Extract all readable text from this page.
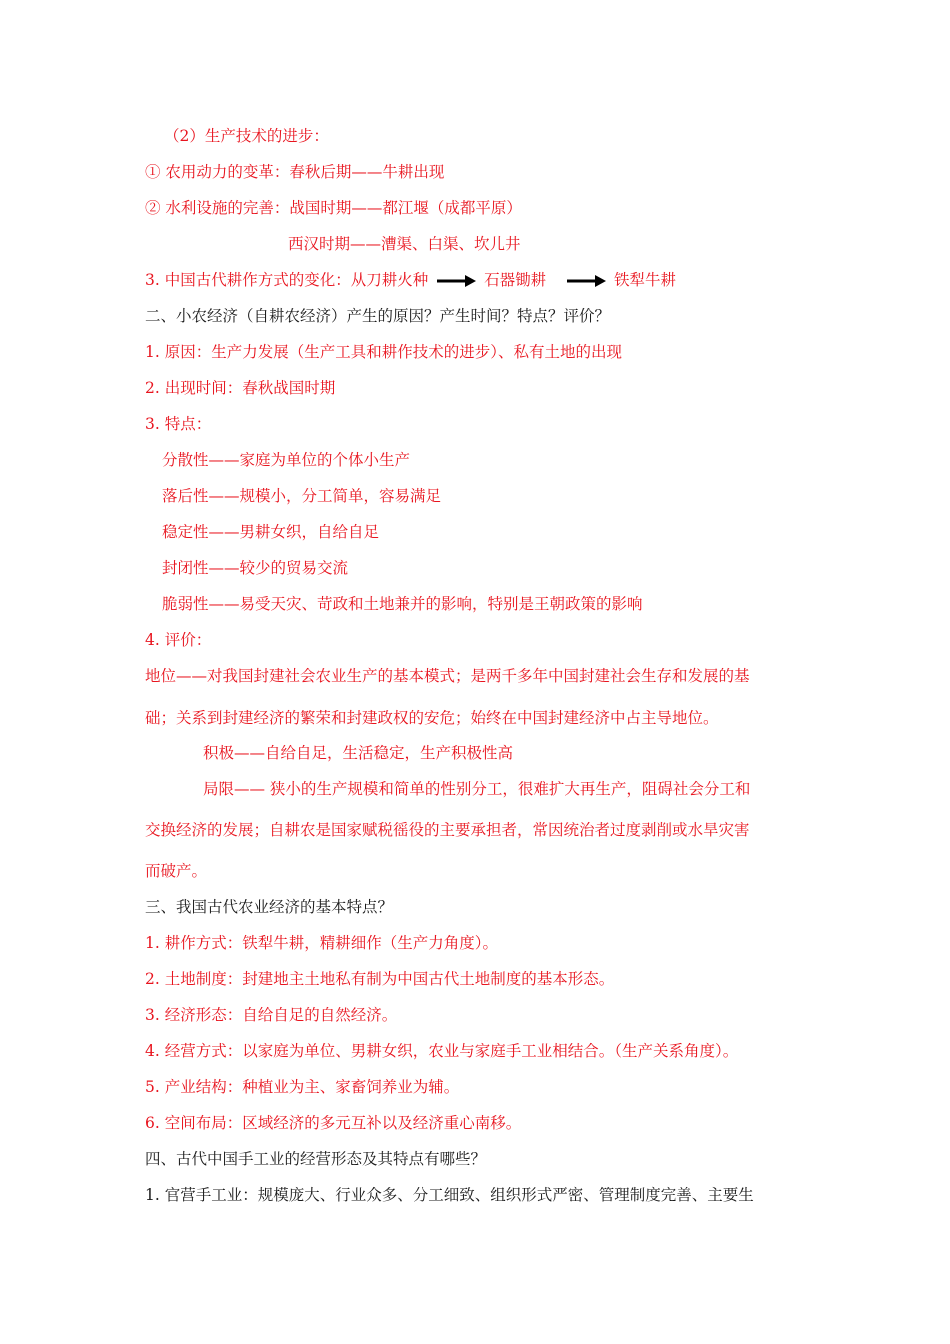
（2）生产技术的进步：
① 农用动力的变革：春秋后期——牛耕出现
② 水利设施的完善：战国时期——都江堰（成都平原）
西汉时期——漕渠、白渠、坎儿井
3. 中国古代耕作方式的变化：从刀耕火种	石器锄耕	铁犁牛耕
二、小农经济（自耕农经济）产生的原因？产生时间？特点？评价？
1. 原因：生产力发展（生产工具和耕作技术的进步）、私有土地的出现
2. 出现时间：春秋战国时期
3. 特点：
分散性——家庭为单位的个体小生产
落后性——规模小，分工简单，容易满足
稳定性——男耕女织，自给自足
封闭性——较少的贸易交流
脆弱性——易受天灾、苛政和土地兼并的影响，特别是王朝政策的影响
4. 评价：
地位——对我国封建社会农业生产的基本模式；是两千多年中国封建社会生存和发展的基
础；关系到封建经济的繁荣和封建政权的安危；始终在中国封建经济中占主导地位。
积极——自给自足，生活稳定，生产积极性高
局限—— 狭小的生产规模和简单的性别分工，很难扩大再生产，阻碍社会分工和
交换经济的发展；自耕农是国家赋税徭役的主要承担者，常因统治者过度剥削或水旱灾害
而破产。
三、我国古代农业经济的基本特点？
1. 耕作方式：铁犁牛耕，精耕细作（生产力角度）。
2. 土地制度：封建地主土地私有制为中国古代土地制度的基本形态。
3. 经济形态：自给自足的自然经济。
4. 经营方式：以家庭为单位、男耕女织，农业与家庭手工业相结合。（生产关系角度）。
5. 产业结构：种植业为主、家畜饲养业为辅。
6. 空间布局：区域经济的多元互补以及经济重心南移。
四、古代中国手工业的经营形态及其特点有哪些？
1. 官营手工业：规模庞大、行业众多、分工细致、组织形式严密、管理制度完善、主要生
